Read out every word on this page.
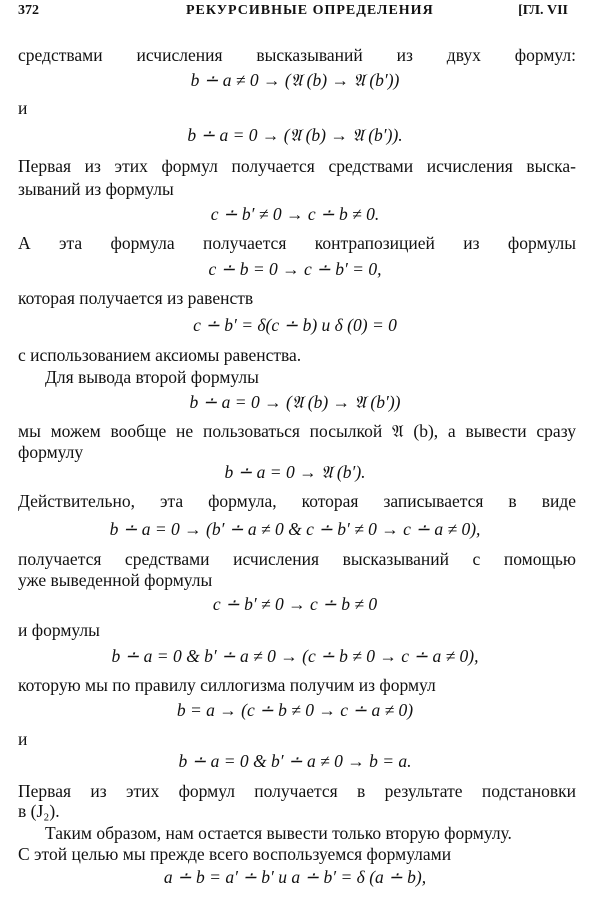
372	РЕКУРСИВНЫЕ ОПРЕДЕЛЕНИЯ	[ГЛ. VII
средствами исчисления высказываний из двух формул:
b ∸ a ≠ 0 → (𝔄 (b) → 𝔄 (b′))
и
b ∸ a = 0 → (𝔄 (b) → 𝔄 (b′)).
Первая из этих формул получается средствами исчисления выска-
зываний из формулы
c ∸ b′ ≠ 0 → c ∸ b ≠ 0.
А эта формула получается контрапозицией из формулы
c ∸ b = 0 → c ∸ b′ = 0,
которая получается из равенств
c ∸ b′ = δ(c ∸ b) и δ (0) = 0
с использованием аксиомы равенства.
Для вывода второй формулы
b ∸ a = 0 → (𝔄 (b) → 𝔄 (b′))
мы можем вообще не пользоваться посылкой 𝔄 (b), а вывести сразу
формулу
b ∸ a = 0 → 𝔄 (b′).
Действительно, эта формула, которая записывается в виде
b ∸ a = 0 → (b′ ∸ a ≠ 0 & c ∸ b′ ≠ 0 → c ∸ a ≠ 0),
получается средствами исчисления высказываний с помощью
уже выведенной формулы
c ∸ b′ ≠ 0 → c ∸ b ≠ 0
и формулы
b ∸ a = 0 & b′ ∸ a ≠ 0 → (c ∸ b ≠ 0 → c ∸ a ≠ 0),
которую мы по правилу силлогизма получим из формул
b = a → (c ∸ b ≠ 0 → c ∸ a ≠ 0)
и
b ∸ a = 0 & b′ ∸ a ≠ 0 → b = a.
Первая из этих формул получается в результате подстановки
в (J₂).
Таким образом, нам остается вывести только вторую формулу.
С этой целью мы прежде всего воспользуемся формулами
a ∸ b = a′ ∸ b′ и a ∸ b′ = δ (a ∸ b),
